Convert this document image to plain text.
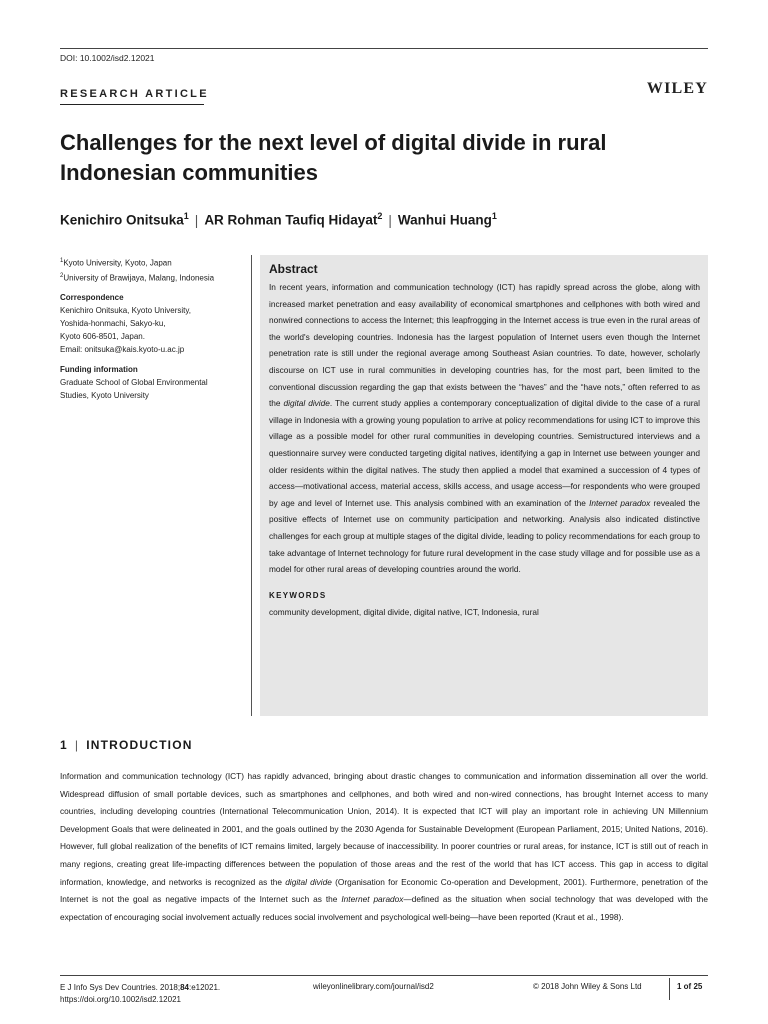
DOI: 10.1002/isd2.12021
RESEARCH ARTICLE	WILEY
Challenges for the next level of digital divide in rural Indonesian communities
Kenichiro Onitsuka$^1$ | AR Rohman Taufiq Hidayat$^2$ | Wanhui Huang$^1$

$^1$Kyoto University, Kyoto, Japan

$^2$University of Brawijaya, Malang, Indonesia

Correspondence

Kenichiro Onitsuka, Kyoto University,

Yoshida-honmachi, Sakyo-ku,

Kyoto 606-8501, Japan.

Email: onitsuka@kais.kyoto-u.ac.jp

Funding information

Graduate School of Global Environmental

Studies, Kyoto University

Abstract

In recent years, information and communication technology (ICT) has rapidly spread across the globe, along with increased market penetration and easy availability of economical smartphones and cellphones with both wired and nonwired connections to access the Internet; this leapfrogging in the Internet access is true even in the rural areas of the world's developing countries. Indonesia has the largest population of Internet users even though the Internet penetration rate is still under the regional average among Southeast Asian countries. To date, however, scholarly discourse on ICT use in rural communities in developing countries has, for the most part, been limited to the conventional discussion regarding the gap that exists between the “haves” and the “have nots,” often referred to as the digital divide. The current study applies a contemporary conceptualization of digital divide to the case of a rural village in Indonesia with a growing young population to arrive at policy recommendations for using ICT to improve this village as a possible model for other rural communities in developing countries. Semistructured interviews and a questionnaire survey were conducted targeting digital natives, identifying a gap in Internet use between younger and older residents within the digital natives. The study then applied a model that examined a succession of 4 types of access—motivational access, material access, skills access, and usage access—for respondents who were grouped by age and level of Internet use. This analysis combined with an examination of the Internet paradox revealed the positive effects of Internet use on community participation and networking. Analysis also indicated distinctive challenges for each group at multiple stages of the digital divide, leading to policy recommendations for each group to take advantage of Internet technology for future rural development in the case study village and for possible use as a model for other rural areas of developing countries around the world.

KEYWORDS
community development, digital divide, digital native, ICT, Indonesia, rural
1 | INTRODUCTION

Information and communication technology (ICT) has rapidly advanced, bringing about drastic changes to communication and information dissemination all over the world. Widespread diffusion of small portable devices, such as smartphones and cellphones, and both wired and non-wired connections, has brought Internet access to many countries, including developing countries (International Telecommunication Union, 2014). It is expected that ICT will play an important role in achieving UN Millennium Development Goals that were delineated in 2001, and the goals outlined by the 2030 Agenda for Sustainable Development (European Parliament, 2015; United Nations, 2016). However, full global realization of the benefits of ICT remains limited, largely because of inaccessibility. In poorer countries or rural areas, for instance, ICT is still out of reach in many regions, creating great life-impacting differences between the population of those areas and the rest of the world that has ICT access. This gap in access to digital information, knowledge, and networks is recognized as the digital divide (Organisation for Economic Co-operation and Development, 2001). Furthermore, penetration of the Internet is not the goal as negative impacts of the Internet such as the Internet paradox—defined as the situation when social technology that was developed with the expectation of encouraging social involvement actually reduces social involvement and psychological well-being—have been reported (Kraut et al., 1998).

E J Info Sys Dev Countries. 2018;84:e12021.
https://doi.org/10.1002/isd2.12021
wileyonlinelibrary.com/journal/isd2	© 2018 John Wiley & Sons Ltd	1 of 25
